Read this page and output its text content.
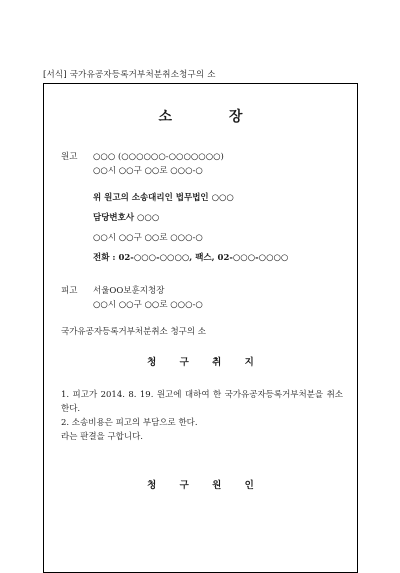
[서식] 국가유공자등록거부처분취소청구의 소
소 장
원고 ○○○ (○○○○○○-○○○○○○○)
○○시 ○○구 ○○로 ○○○-○
위 원고의 소송대리인 법무법인 ○○○
담당변호사 ○○○
○○시 ○○구 ○○로 ○○○-○
전화 : 02-○○○-○○○○, 팩스, 02-○○○-○○○○
피고 서울OO보훈지청장
○○시 ○○구 ○○로 ○○○-○
국가유공자등록거부처분취소 청구의 소
청 구 취 지
1. 피고가 2014. 8. 19. 원고에 대하여 한 국가유공자등록거부처분을 취소한다.
2. 소송비용은 피고의 부담으로 한다.
라는 판결을 구합니다.
청 구 원 인
